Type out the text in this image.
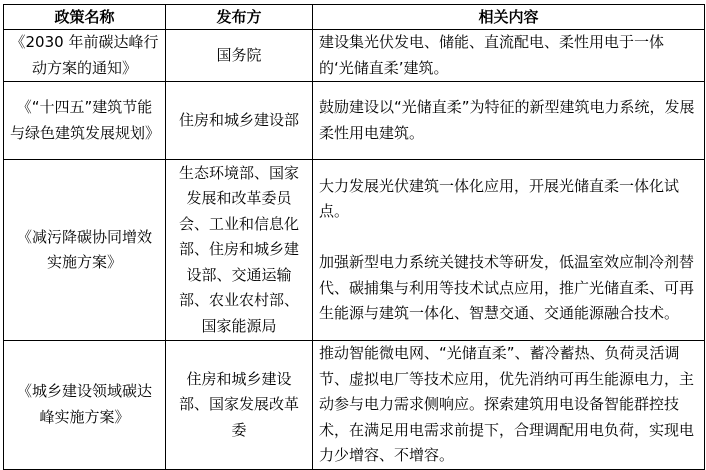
政策名称	发布方	相关内容
《2030 年前碳达峰行动方案的通知》	国务院	建设集光伏发电、储能、直流配电、柔性用电于一体的‘光储直柔’建筑。

《“十四五”建筑节能与绿色建筑发展规划》	住房和城乡建设部	鼓励建设以“光储直柔”为特征的新型建筑电力系统，发展柔性用电建筑。

《减污降碳协同增效实施方案》	生态环境部、国家发展和改革委员会、工业和信息化部、住房和城乡建设部、交通运输部、农业农村部、国家能源局	大力发展光伏建筑一体化应用，开展光储直柔一体化试点。
加强新型电力系统关键技术等研发，低温室效应制冷剂替代、碳捕集与利用等技术试点应用，推广光储直柔、可再生能源与建筑一体化、智慧交通、交通能源融合技术。

《城乡建设领域碳达峰实施方案》	住房和城乡建设部、国家发展改革委	推动智能微电网、“光储直柔”、蓄冷蓄热、负荷灵活调节、虚拟电厂等技术应用，优先消纳可再生能源电力，主动参与电力需求侧响应。探索建筑用电设备智能群控技术，在满足用电需求前提下，合理调配用电负荷，实现电力少增容、不增容。
